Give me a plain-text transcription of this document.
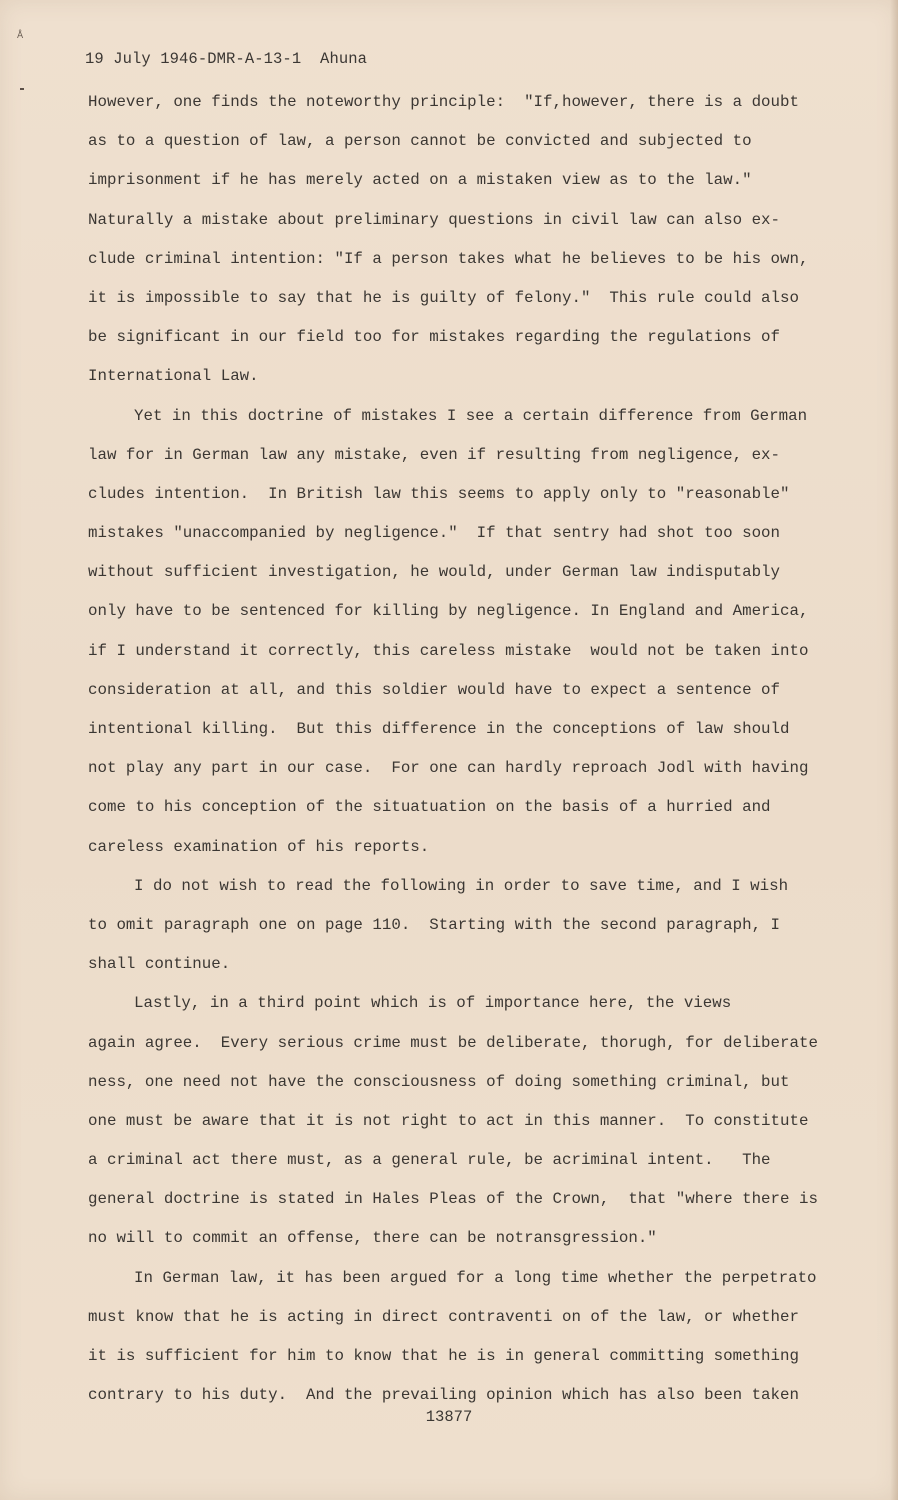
Å
19 July 1946-DMR-A-13-1  Ahuna
However, one finds the noteworthy principle:  "If,however, there is a doubt
as to a question of law, a person cannot be convicted and subjected to
imprisonment if he has merely acted on a mistaken view as to the law."
Naturally a mistake about preliminary questions in civil law can also ex-
clude criminal intention: "If a person takes what he believes to be his own,
it is impossible to say that he is guilty of felony."  This rule could also
be significant in our field too for mistakes regarding the regulations of
International Law.
Yet in this doctrine of mistakes I see a certain difference from German
law for in German law any mistake, even if resulting from negligence, ex-
cludes intention.  In British law this seems to apply only to "reasonable"
mistakes "unaccompanied by negligence."  If that sentry had shot too soon
without sufficient investigation, he would, under German law indisputably
only have to be sentenced for killing by negligence. In England and America,
if I understand it correctly, this careless mistake  would not be taken into
consideration at all, and this soldier would have to expect a sentence of
intentional killing.  But this difference in the conceptions of law should
not play any part in our case.  For one can hardly reproach Jodl with having
come to his conception of the situatuation on the basis of a hurried and
careless examination of his reports.
I do not wish to read the following in order to save time, and I wish
to omit paragraph one on page 110.  Starting with the second paragraph, I
shall continue.
Lastly, in a third point which is of importance here, the views
again agree.  Every serious crime must be deliberate, thorugh, for deliberate
ness, one need not have the consciousness of doing something criminal, but
one must be aware that it is not right to act in this manner.  To constitute
a criminal act there must, as a general rule, be acriminal intent.   The
general doctrine is stated in Hales Pleas of the Crown,  that "where there is
no will to commit an offense, there can be notransgression."
In German law, it has been argued for a long time whether the perpetrato
must know that he is acting in direct contraventi on of the law, or whether
it is sufficient for him to know that he is in general committing something
contrary to his duty.  And the prevailing opinion which has also been taken
13877
